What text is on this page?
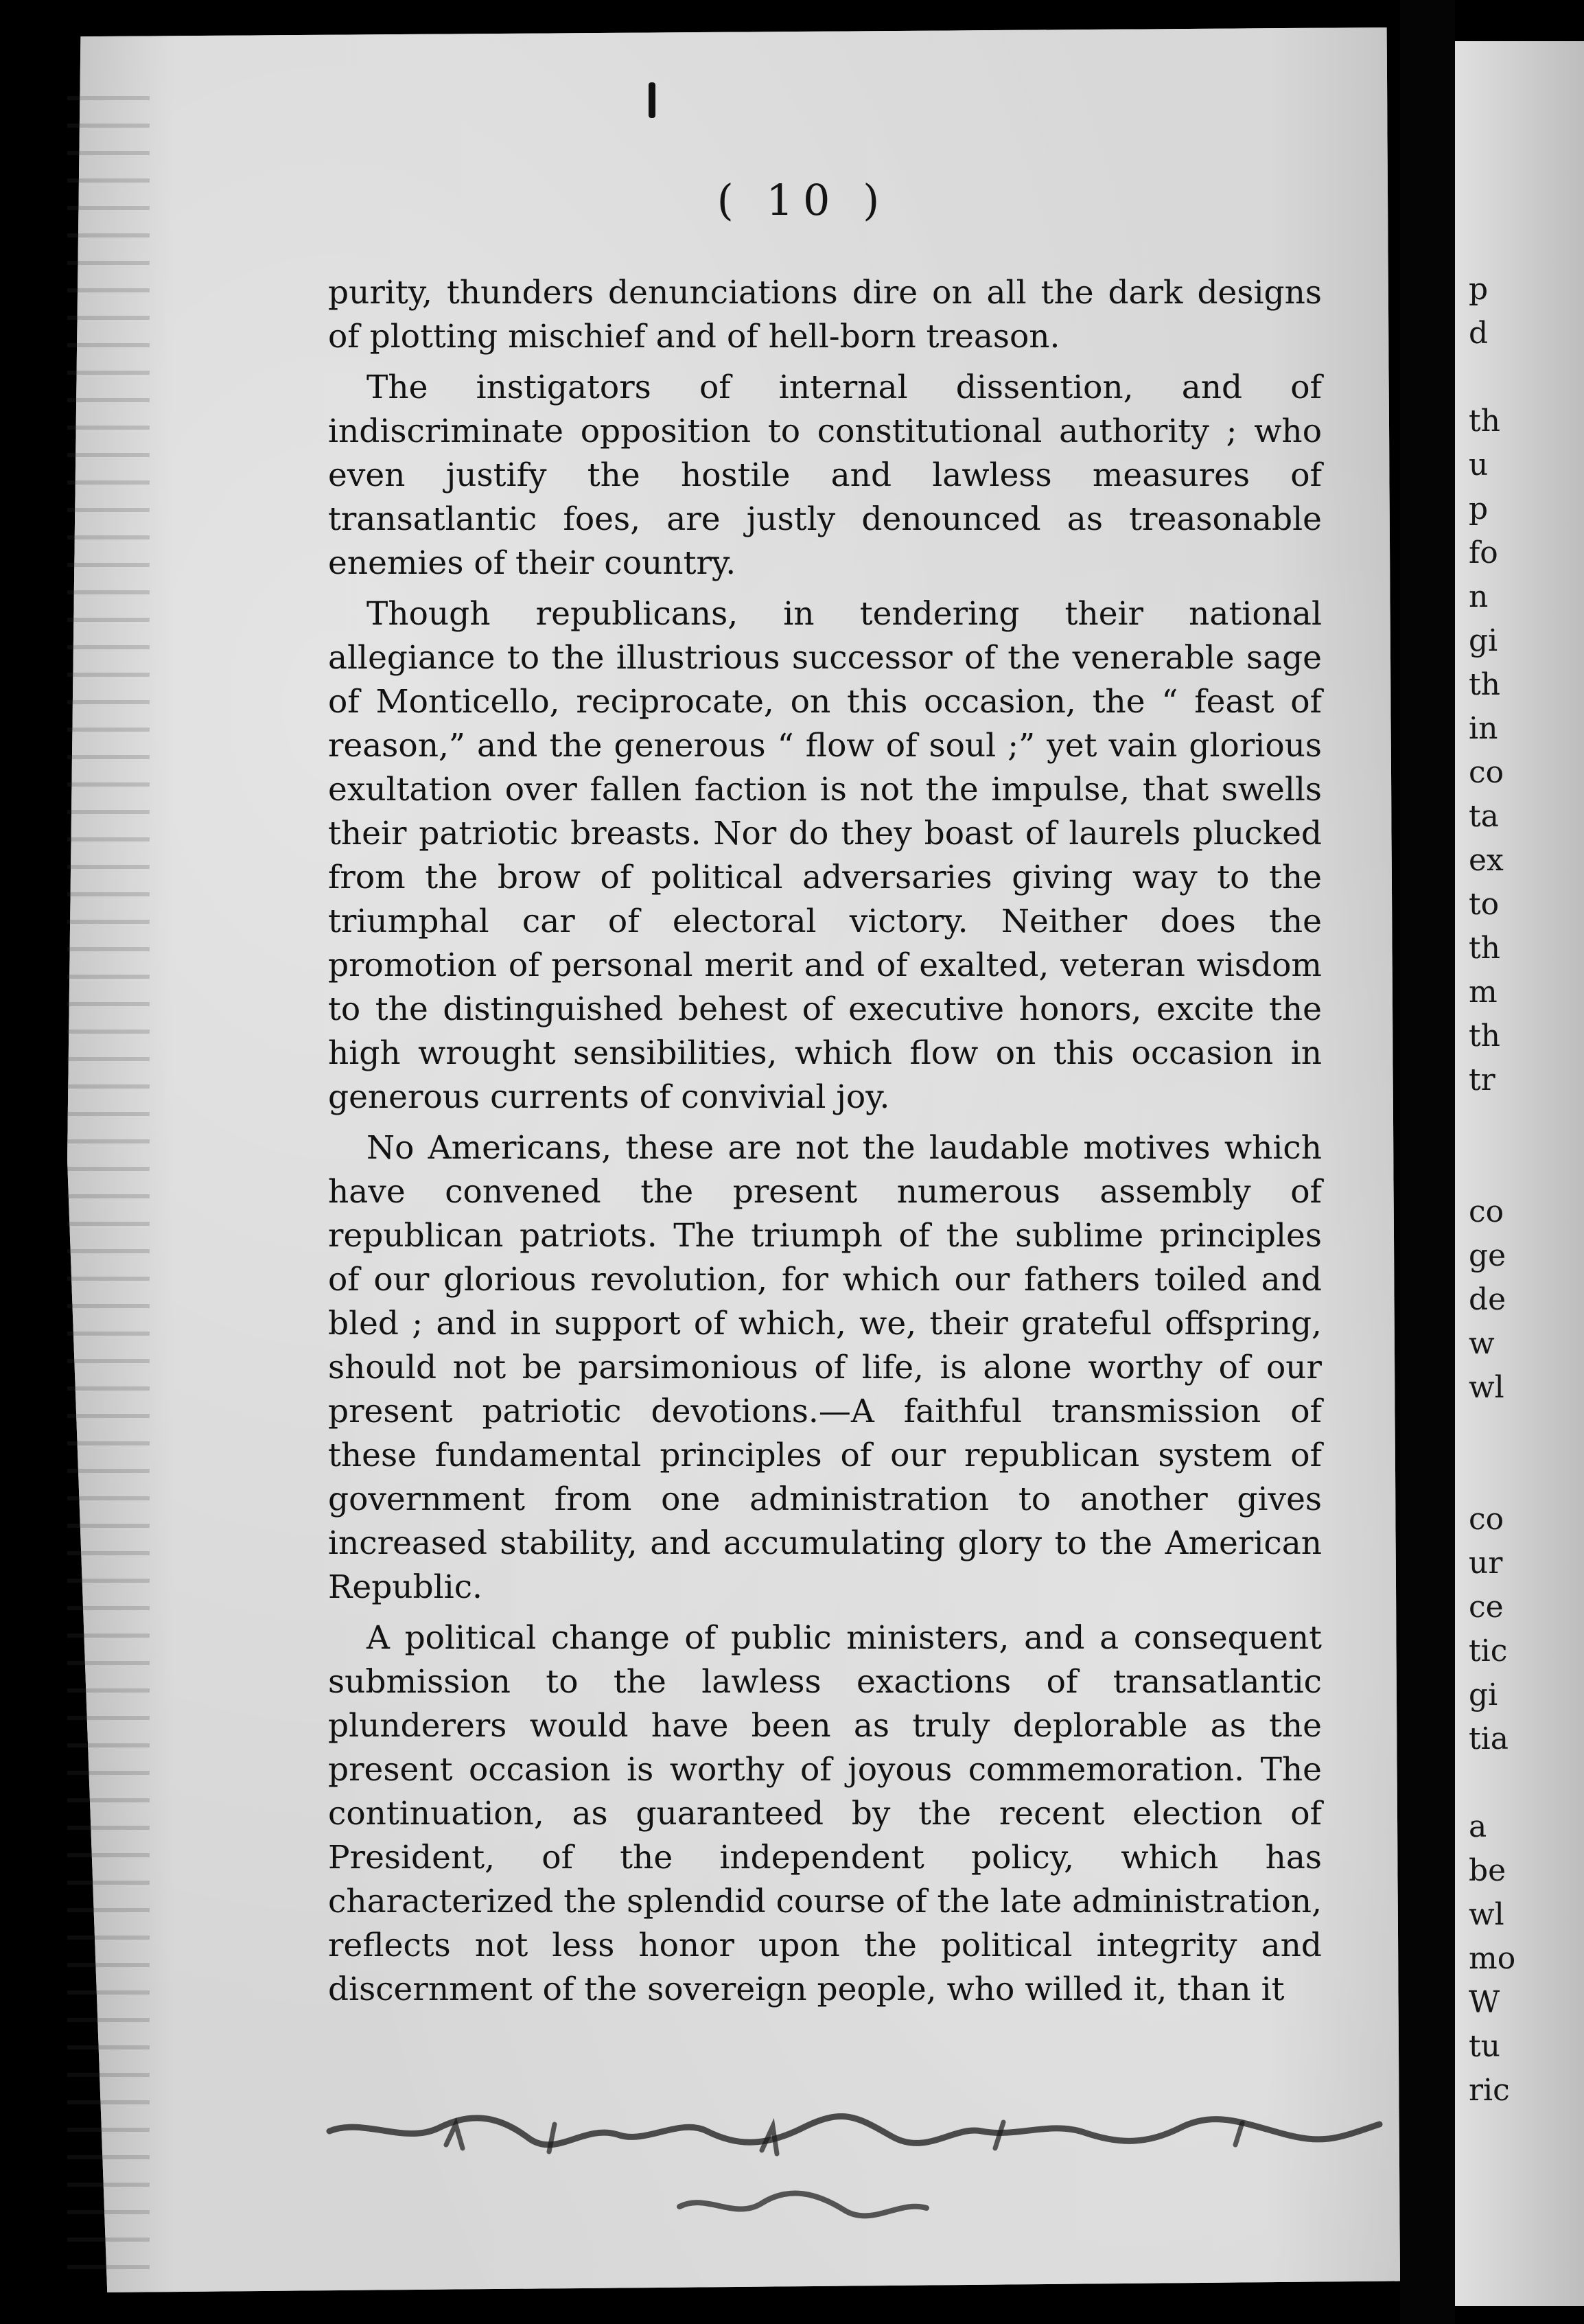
p
d

th
u
p
fo
n
gi
th
in
co
ta
ex
to
th
m
th
tr

co
ge
de
w
wl

co
ur
ce
tic
gi
tia

a
be
wl
mo
W
tu
ric
( 10 )

purity, thunders denunciations dire on all the dark designs of plotting mischief and of hell-born treason.

The instigators of internal dissention, and of indiscriminate opposition to constitutional authority ; who even justify the hostile and lawless measures of transatlantic foes, are justly denounced as treasonable enemies of their country.

Though republicans, in tendering their national allegiance to the illustrious successor of the venerable sage of Monticello, reciprocate, on this occasion, the “ feast of reason,” and the generous “ flow of soul ;” yet vain glorious exultation over fallen faction is not the impulse, that swells their patriotic breasts. Nor do they boast of laurels plucked from the brow of political adversaries giving way to the triumphal car of electoral victory. Neither does the promotion of personal merit and of exalted, veteran wisdom to the distinguished behest of executive honors, excite the high wrought sensibilities, which flow on this occasion in generous currents of convivial joy.

No Americans, these are not the laudable motives which have convened the present numerous assembly of republican patriots. The triumph of the sublime principles of our glorious revolution, for which our fathers toiled and bled ; and in support of which, we, their grateful offspring, should not be parsimonious of life, is alone worthy of our present patriotic devotions.—A faithful transmission of these fundamental principles of our republican system of government from one administration to another gives increased stability, and accumulating glory to the American Republic.

A political change of public ministers, and a consequent submission to the lawless exactions of transatlantic plunderers would have been as truly deplorable as the present occasion is worthy of joyous commemoration. The continuation, as guaranteed by the recent election of President, of the independent policy, which has characterized the splendid course of the late administration, reflects not less honor upon the political integrity and discernment of the sovereign people, who willed it, than it
